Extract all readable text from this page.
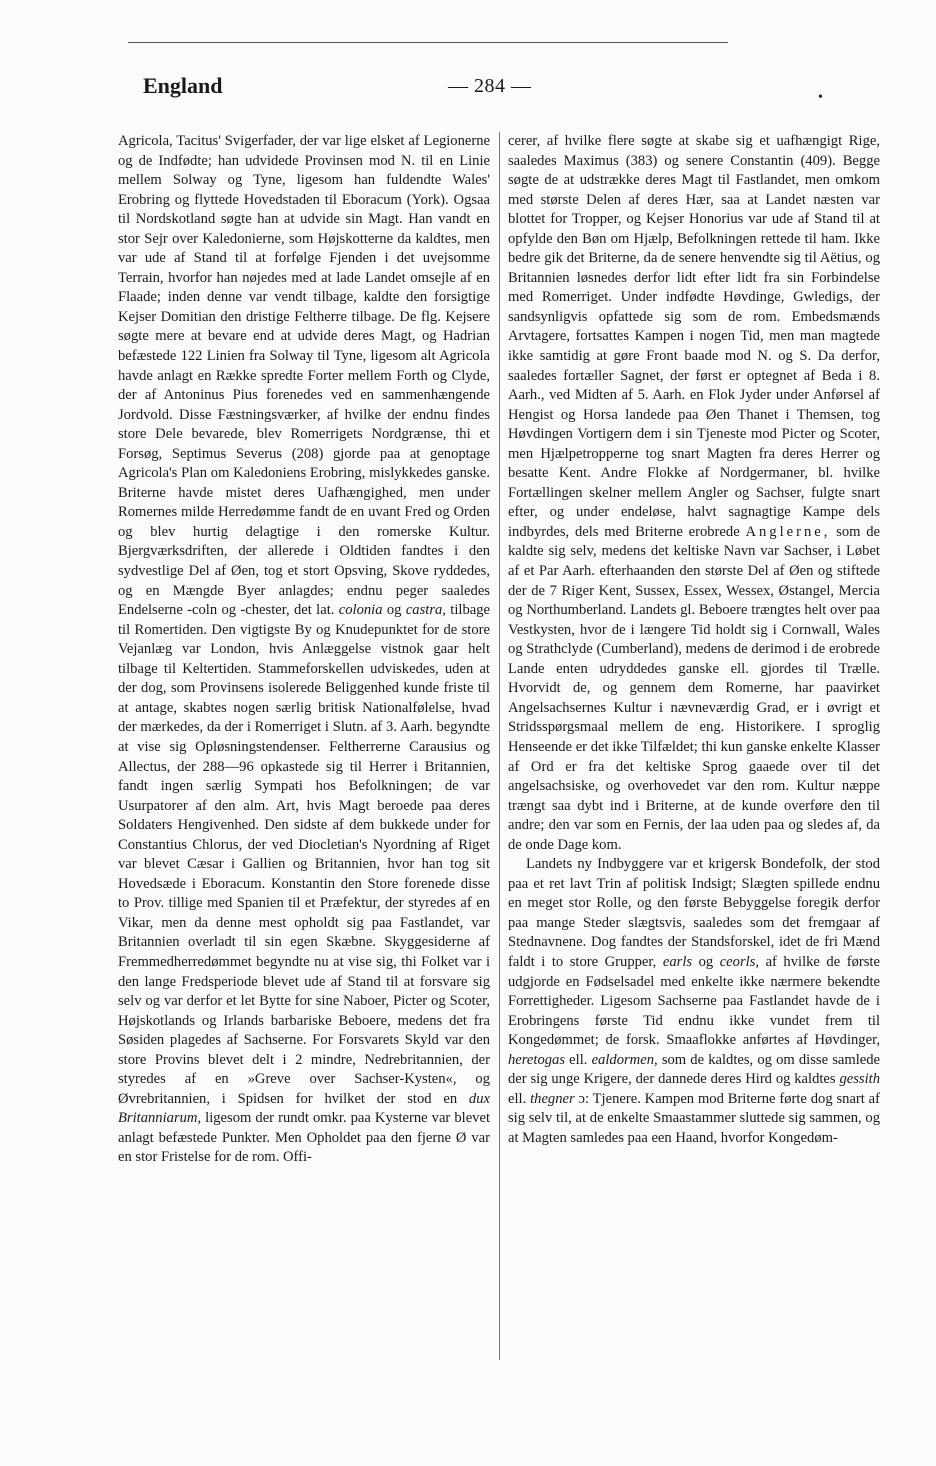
England	— 284 —
•

Agricola, Tacitus' Svigerfader, der var lige elsket af Legionerne og de Indfødte; han udvidede Provinsen mod N. til en Linie mellem Solway og Tyne, ligesom han fuldendte Wales' Erobring og flyttede Hovedstaden til Eboracum (York). Ogsaa til Nordskotland søgte han at udvide sin Magt. Han vandt en stor Sejr over Kaledonierne, som Højskotterne da kaldtes, men var ude af Stand til at forfølge Fjenden i det uvejsomme Terrain, hvorfor han nøjedes med at lade Landet omsejle af en Flaade; inden denne var vendt tilbage, kaldte den forsigtige Kejser Domitian den dristige Feltherre tilbage. De flg. Kejsere søgte mere at bevare end at udvide deres Magt, og Hadrian befæstede 122 Linien fra Solway til Tyne, ligesom alt Agricola havde anlagt en Række spredte Forter mellem Forth og Clyde, der af Antoninus Pius forenedes ved en sammenhængende Jordvold. Disse Fæstningsværker, af hvilke der endnu findes store Dele bevarede, blev Romerrigets Nordgrænse, thi et Forsøg, Septimus Severus (208) gjorde paa at genoptage Agricola's Plan om Kaledoniens Erobring, mislykkedes ganske. Briterne havde mistet deres Uafhængighed, men under Romernes milde Herredømme fandt de en uvant Fred og Orden og blev hurtig delagtige i den romerske Kultur. Bjergværksdriften, der allerede i Oldtiden fandtes i den sydvestlige Del af Øen, tog et stort Opsving, Skove ryddedes, og en Mængde Byer anlagdes; endnu peger saaledes Endelserne -coln og -chester, det lat. colonia og castra, tilbage til Romertiden. Den vigtigste By og Knudepunktet for de store Vejanlæg var London, hvis Anlæggelse vistnok gaar helt tilbage til Keltertiden. Stammeforskellen udviskedes, uden at der dog, som Provinsens isolerede Beliggenhed kunde friste til at antage, skabtes nogen særlig britisk Nationalfølelse, hvad der mærkedes, da der i Romerriget i Slutn. af 3. Aarh. begyndte at vise sig Opløsningstendenser. Feltherrerne Carausius og Allectus, der 288—96 opkastede sig til Herrer i Britannien, fandt ingen særlig Sympati hos Befolkningen; de var Usurpatorer af den alm. Art, hvis Magt beroede paa deres Soldaters Hengivenhed. Den sidste af dem bukkede under for Constantius Chlorus, der ved Diocletian's Nyordning af Riget var blevet Cæsar i Gallien og Britannien, hvor han tog sit Hovedsæde i Eboracum. Konstantin den Store forenede disse to Prov. tillige med Spanien til et Præfektur, der styredes af en Vikar, men da denne mest opholdt sig paa Fastlandet, var Britannien overladt til sin egen Skæbne. Skyggesiderne af Fremmedherredømmet begyndte nu at vise sig, thi Folket var i den lange Fredsperiode blevet ude af Stand til at forsvare sig selv og var derfor et let Bytte for sine Naboer, Picter og Scoter, Højskotlands og Irlands barbariske Beboere, medens det fra Søsiden plagedes af Sachserne. For Forsvarets Skyld var den store Provins blevet delt i 2 mindre, Nedrebritannien, der styredes af en »Greve over Sachser-Kysten«, og Øvrebritannien, i Spidsen for hvilket der stod en dux Britanniarum, ligesom der rundt omkr. paa Kysterne var blevet anlagt befæstede Punkter. Men Opholdet paa den fjerne Ø var en stor Fristelse for de rom. Offi-

cerer, af hvilke flere søgte at skabe sig et uafhængigt Rige, saaledes Maximus (383) og senere Constantin (409). Begge søgte de at udstrække deres Magt til Fastlandet, men omkom med største Delen af deres Hær, saa at Landet næsten var blottet for Tropper, og Kejser Honorius var ude af Stand til at opfylde den Bøn om Hjælp, Befolkningen rettede til ham. Ikke bedre gik det Briterne, da de senere henvendte sig til Aëtius, og Britannien løsnedes derfor lidt efter lidt fra sin Forbindelse med Romerriget. Under indfødte Høvdinge, Gwledigs, der sandsynligvis opfattede sig som de rom. Embedsmænds Arvtagere, fortsattes Kampen i nogen Tid, men man magtede ikke samtidig at gøre Front baade mod N. og S. Da derfor, saaledes fortæller Sagnet, der først er optegnet af Beda i 8. Aarh., ved Midten af 5. Aarh. en Flok Jyder under Anførsel af Hengist og Horsa landede paa Øen Thanet i Themsen, tog Høvdingen Vortigern dem i sin Tjeneste mod Picter og Scoter, men Hjælpetropperne tog snart Magten fra deres Herrer og besatte Kent. Andre Flokke af Nordgermaner, bl. hvilke Fortællingen skelner mellem Angler og Sachser, fulgte snart efter, og under endeløse, halvt sagnagtige Kampe dels indbyrdes, dels med Briterne erobrede Anglerne, som de kaldte sig selv, medens det keltiske Navn var Sachser, i Løbet af et Par Aarh. efterhaanden den største Del af Øen og stiftede der de 7 Riger Kent, Sussex, Essex, Wessex, Østangel, Mercia og Northumberland. Landets gl. Beboere trængtes helt over paa Vestkysten, hvor de i længere Tid holdt sig i Cornwall, Wales og Strathclyde (Cumberland), medens de derimod i de erobrede Lande enten udryddedes ganske ell. gjordes til Trælle. Hvorvidt de, og gennem dem Romerne, har paavirket Angelsachsernes Kultur i nævneværdig Grad, er i øvrigt et Stridsspørgsmaal mellem de eng. Historikere. I sproglig Henseende er det ikke Tilfældet; thi kun ganske enkelte Klasser af Ord er fra det keltiske Sprog gaaede over til det angelsachsiske, og overhovedet var den rom. Kultur næppe trængt saa dybt ind i Briterne, at de kunde overføre den til andre; den var som en Fernis, der laa uden paa og sledes af, da de onde Dage kom.

Landets ny Indbyggere var et krigersk Bondefolk, der stod paa et ret lavt Trin af politisk Indsigt; Slægten spillede endnu en meget stor Rolle, og den første Bebyggelse foregik derfor paa mange Steder slægtsvis, saaledes som det fremgaar af Stednavnene. Dog fandtes der Standsforskel, idet de fri Mænd faldt i to store Grupper, earls og ceorls, af hvilke de første udgjorde en Fødselsadel med enkelte ikke nærmere bekendte Forrettigheder. Ligesom Sachserne paa Fastlandet havde de i Erobringens første Tid endnu ikke vundet frem til Kongedømmet; de forsk. Smaaflokke anførtes af Høvdinger, heretogas ell. ealdormen, som de kaldtes, og om disse samlede der sig unge Krigere, der dannede deres Hird og kaldtes gessith ell. thegner ɔ: Tjenere. Kampen mod Briterne førte dog snart af sig selv til, at de enkelte Smaastammer sluttede sig sammen, og at Magten samledes paa een Haand, hvorfor Kongedøm-
